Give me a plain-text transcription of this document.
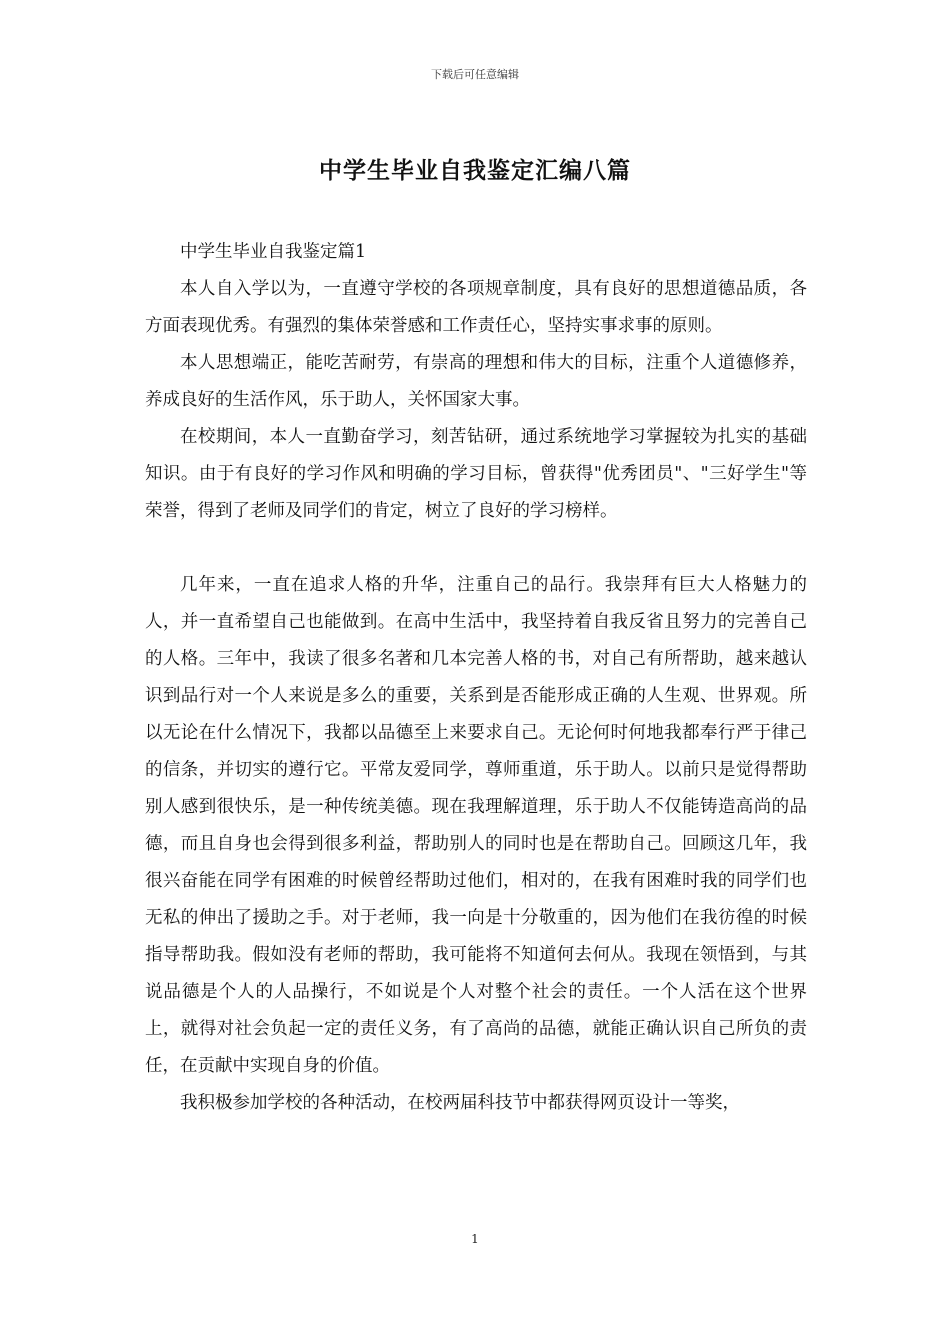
下载后可任意编辑
中学生毕业自我鉴定汇编八篇

中学生毕业自我鉴定篇1

本人自入学以为，一直遵守学校的各项规章制度，具有良好的思想道德品质，各方面表现优秀。有强烈的集体荣誉感和工作责任心，坚持实事求事的原则。

本人思想端正，能吃苦耐劳，有崇高的理想和伟大的目标，注重个人道德修养，养成良好的生活作风，乐于助人，关怀国家大事。

在校期间，本人一直勤奋学习，刻苦钻研，通过系统地学习掌握较为扎实的基础知识。由于有良好的学习作风和明确的学习目标，曾获得"优秀团员"、"三好学生"等荣誉，得到了老师及同学们的肯定，树立了良好的学习榜样。

几年来，一直在追求人格的升华，注重自己的品行。我崇拜有巨大人格魅力的人，并一直希望自己也能做到。在高中生活中，我坚持着自我反省且努力的完善自己的人格。三年中，我读了很多名著和几本完善人格的书，对自己有所帮助，越来越认识到品行对一个人来说是多么的重要，关系到是否能形成正确的人生观、世界观。所以无论在什么情况下，我都以品德至上来要求自己。无论何时何地我都奉行严于律己的信条，并切实的遵行它。平常友爱同学，尊师重道，乐于助人。以前只是觉得帮助别人感到很快乐，是一种传统美德。现在我理解道理，乐于助人不仅能铸造高尚的品德，而且自身也会得到很多利益，帮助别人的同时也是在帮助自己。回顾这几年，我很兴奋能在同学有困难的时候曾经帮助过他们，相对的，在我有困难时我的同学们也无私的伸出了援助之手。对于老师，我一向是十分敬重的，因为他们在我彷徨的时候指导帮助我。假如没有老师的帮助，我可能将不知道何去何从。我现在领悟到，与其说品德是个人的人品操行，不如说是个人对整个社会的责任。一个人活在这个世界上，就得对社会负起一定的责任义务，有了高尚的品德，就能正确认识自己所负的责任，在贡献中实现自身的价值。

我积极参加学校的各种活动，在校两届科技节中都获得网页设计一等奖，

1
